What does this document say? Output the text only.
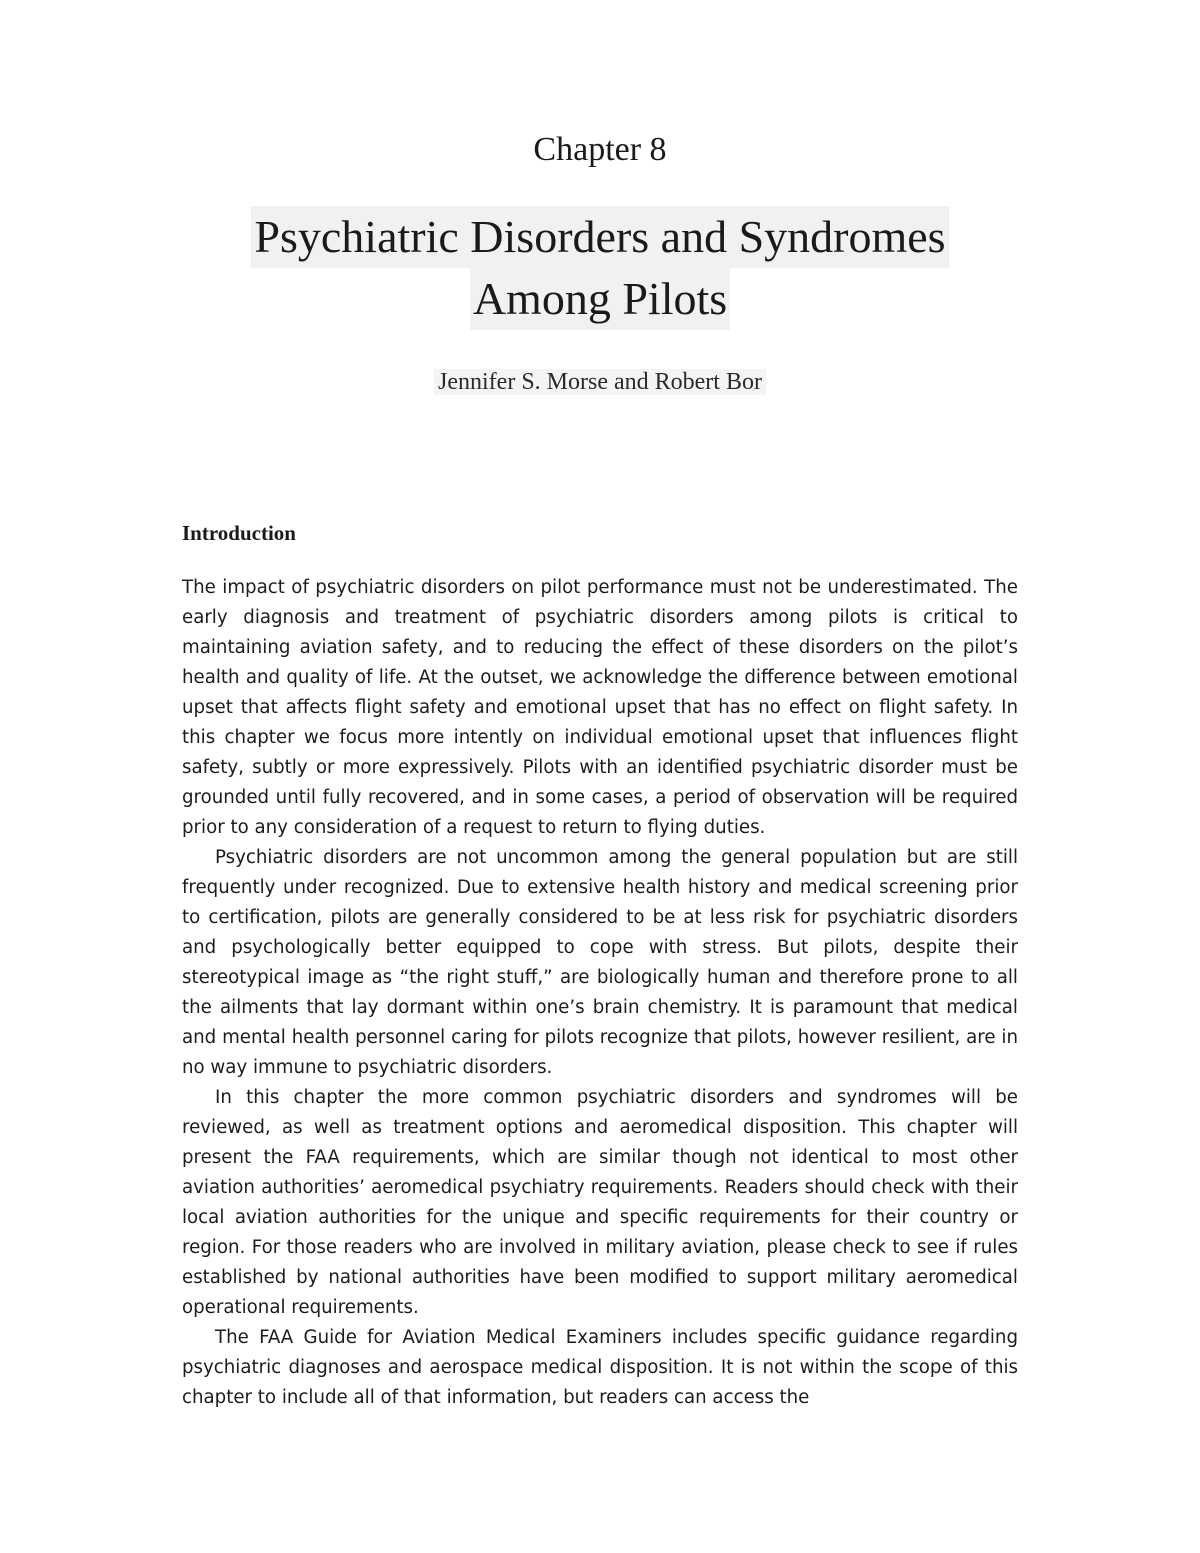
Chapter 8
Psychiatric Disorders and Syndromes
Among Pilots
Jennifer S. Morse and Robert Bor
Introduction

The impact of psychiatric disorders on pilot performance must not be underestimated. The early diagnosis and treatment of psychiatric disorders among pilots is critical to maintaining aviation safety, and to reducing the effect of these disorders on the pilot’s health and quality of life. At the outset, we acknowledge the difference between emotional upset that affects flight safety and emotional upset that has no effect on flight safety. In this chapter we focus more intently on individual emotional upset that influences flight safety, subtly or more expressively. Pilots with an identified psychiatric disorder must be grounded until fully recovered, and in some cases, a period of observation will be required prior to any consideration of a request to return to flying duties.

Psychiatric disorders are not uncommon among the general population but are still frequently under recognized. Due to extensive health history and medical screening prior to certification, pilots are generally considered to be at less risk for psychiatric disorders and psychologically better equipped to cope with stress. But pilots, despite their stereotypical image as “the right stuff,” are biologically human and therefore prone to all the ailments that lay dormant within one’s brain chemistry. It is paramount that medical and mental health personnel caring for pilots recognize that pilots, however resilient, are in no way immune to psychiatric disorders.

In this chapter the more common psychiatric disorders and syndromes will be reviewed, as well as treatment options and aeromedical disposition. This chapter will present the FAA requirements, which are similar though not identical to most other aviation authorities’ aeromedical psychiatry requirements. Readers should check with their local aviation authorities for the unique and specific requirements for their country or region. For those readers who are involved in military aviation, please check to see if rules established by national authorities have been modified to support military aeromedical operational requirements.

The FAA Guide for Aviation Medical Examiners includes specific guidance regarding psychiatric diagnoses and aerospace medical disposition. It is not within the scope of this chapter to include all of that information, but readers can access the
